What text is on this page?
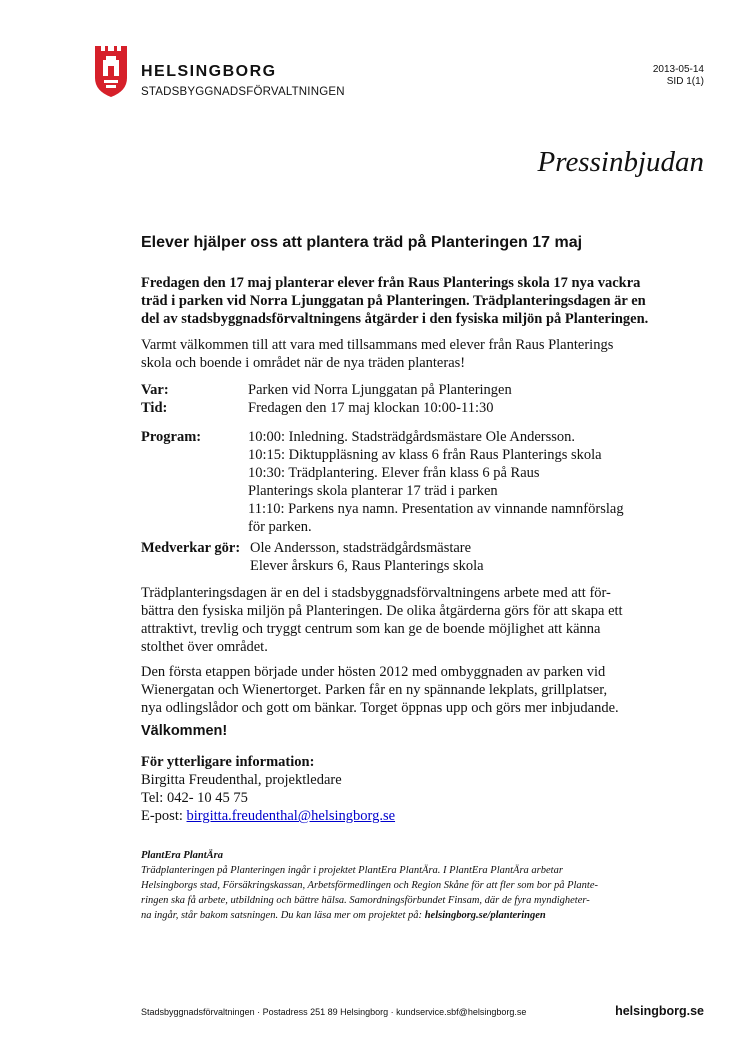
HELSINGBORG
STADSBYGGNADSFÖRVALTNINGEN
2013-05-14
SID 1(1)
Pressinbjudan
Elever hjälper oss att plantera träd på Planteringen 17 maj
Fredagen den 17 maj planterar elever från Raus Planterings skola 17 nya vackra
träd i parken vid Norra Ljunggatan på Planteringen. Trädplanteringsdagen är en
del av stadsbyggnadsförvaltningens åtgärder i den fysiska miljön på Planteringen.
Varmt välkommen till att vara med tillsammans med elever från Raus Planterings
skola och boende i området när de nya träden planteras!
Var:	Parken vid Norra Ljunggatan på Planteringen
Tid:	Fredagen den 17 maj klockan 10:00-11:30
Program:	10:00: Inledning. Stadsträdgårdsmästare Ole Andersson.
10:15: Diktuppläsning av klass 6 från Raus Planterings skola
10:30: Trädplantering. Elever från klass 6 på Raus
Planterings skola planterar 17 träd i parken
11:10: Parkens nya namn. Presentation av vinnande namnförslag
för parken.
Medverkar gör: Ole Andersson, stadsträdgårdsmästare
Elever årskurs 6, Raus Planterings skola
Trädplanteringsdagen är en del i stadsbyggnadsförvaltningens arbete med att för-
bättra den fysiska miljön på Planteringen. De olika åtgärderna görs för att skapa ett
attraktivt, trevlig och tryggt centrum som kan ge de boende möjlighet att känna
stolthet över området.
Den första etappen började under hösten 2012 med ombyggnaden av parken vid
Wienergatan och Wienertorget. Parken får en ny spännande lekplats, grillplatser,
nya odlingslådor och gott om bänkar. Torget öppnas upp och görs mer inbjudande.
Välkommen!
För ytterligare information:
Birgitta Freudenthal, projektledare
Tel: 042- 10 45 75
E-post: birgitta.freudenthal@helsingborg.se
PlantEra PlantÄra
Trädplanteringen på Planteringen ingår i projektet PlantEra PlantÄra. I PlantEra PlantÄra arbetar
Helsingborgs stad, Försäkringskassan, Arbetsförmedlingen och Region Skåne för att fler som bor på Plante-
ringen ska få arbete, utbildning och bättre hälsa. Samordningsförbundet Finsam, där de fyra myndigheter-
na ingår, står bakom satsningen. Du kan läsa mer om projektet på: helsingborg.se/planteringen
Stadsbyggnadsförvaltningen · Postadress 251 89 Helsingborg · kundservice.sbf@helsingborg.se	helsingborg.se
